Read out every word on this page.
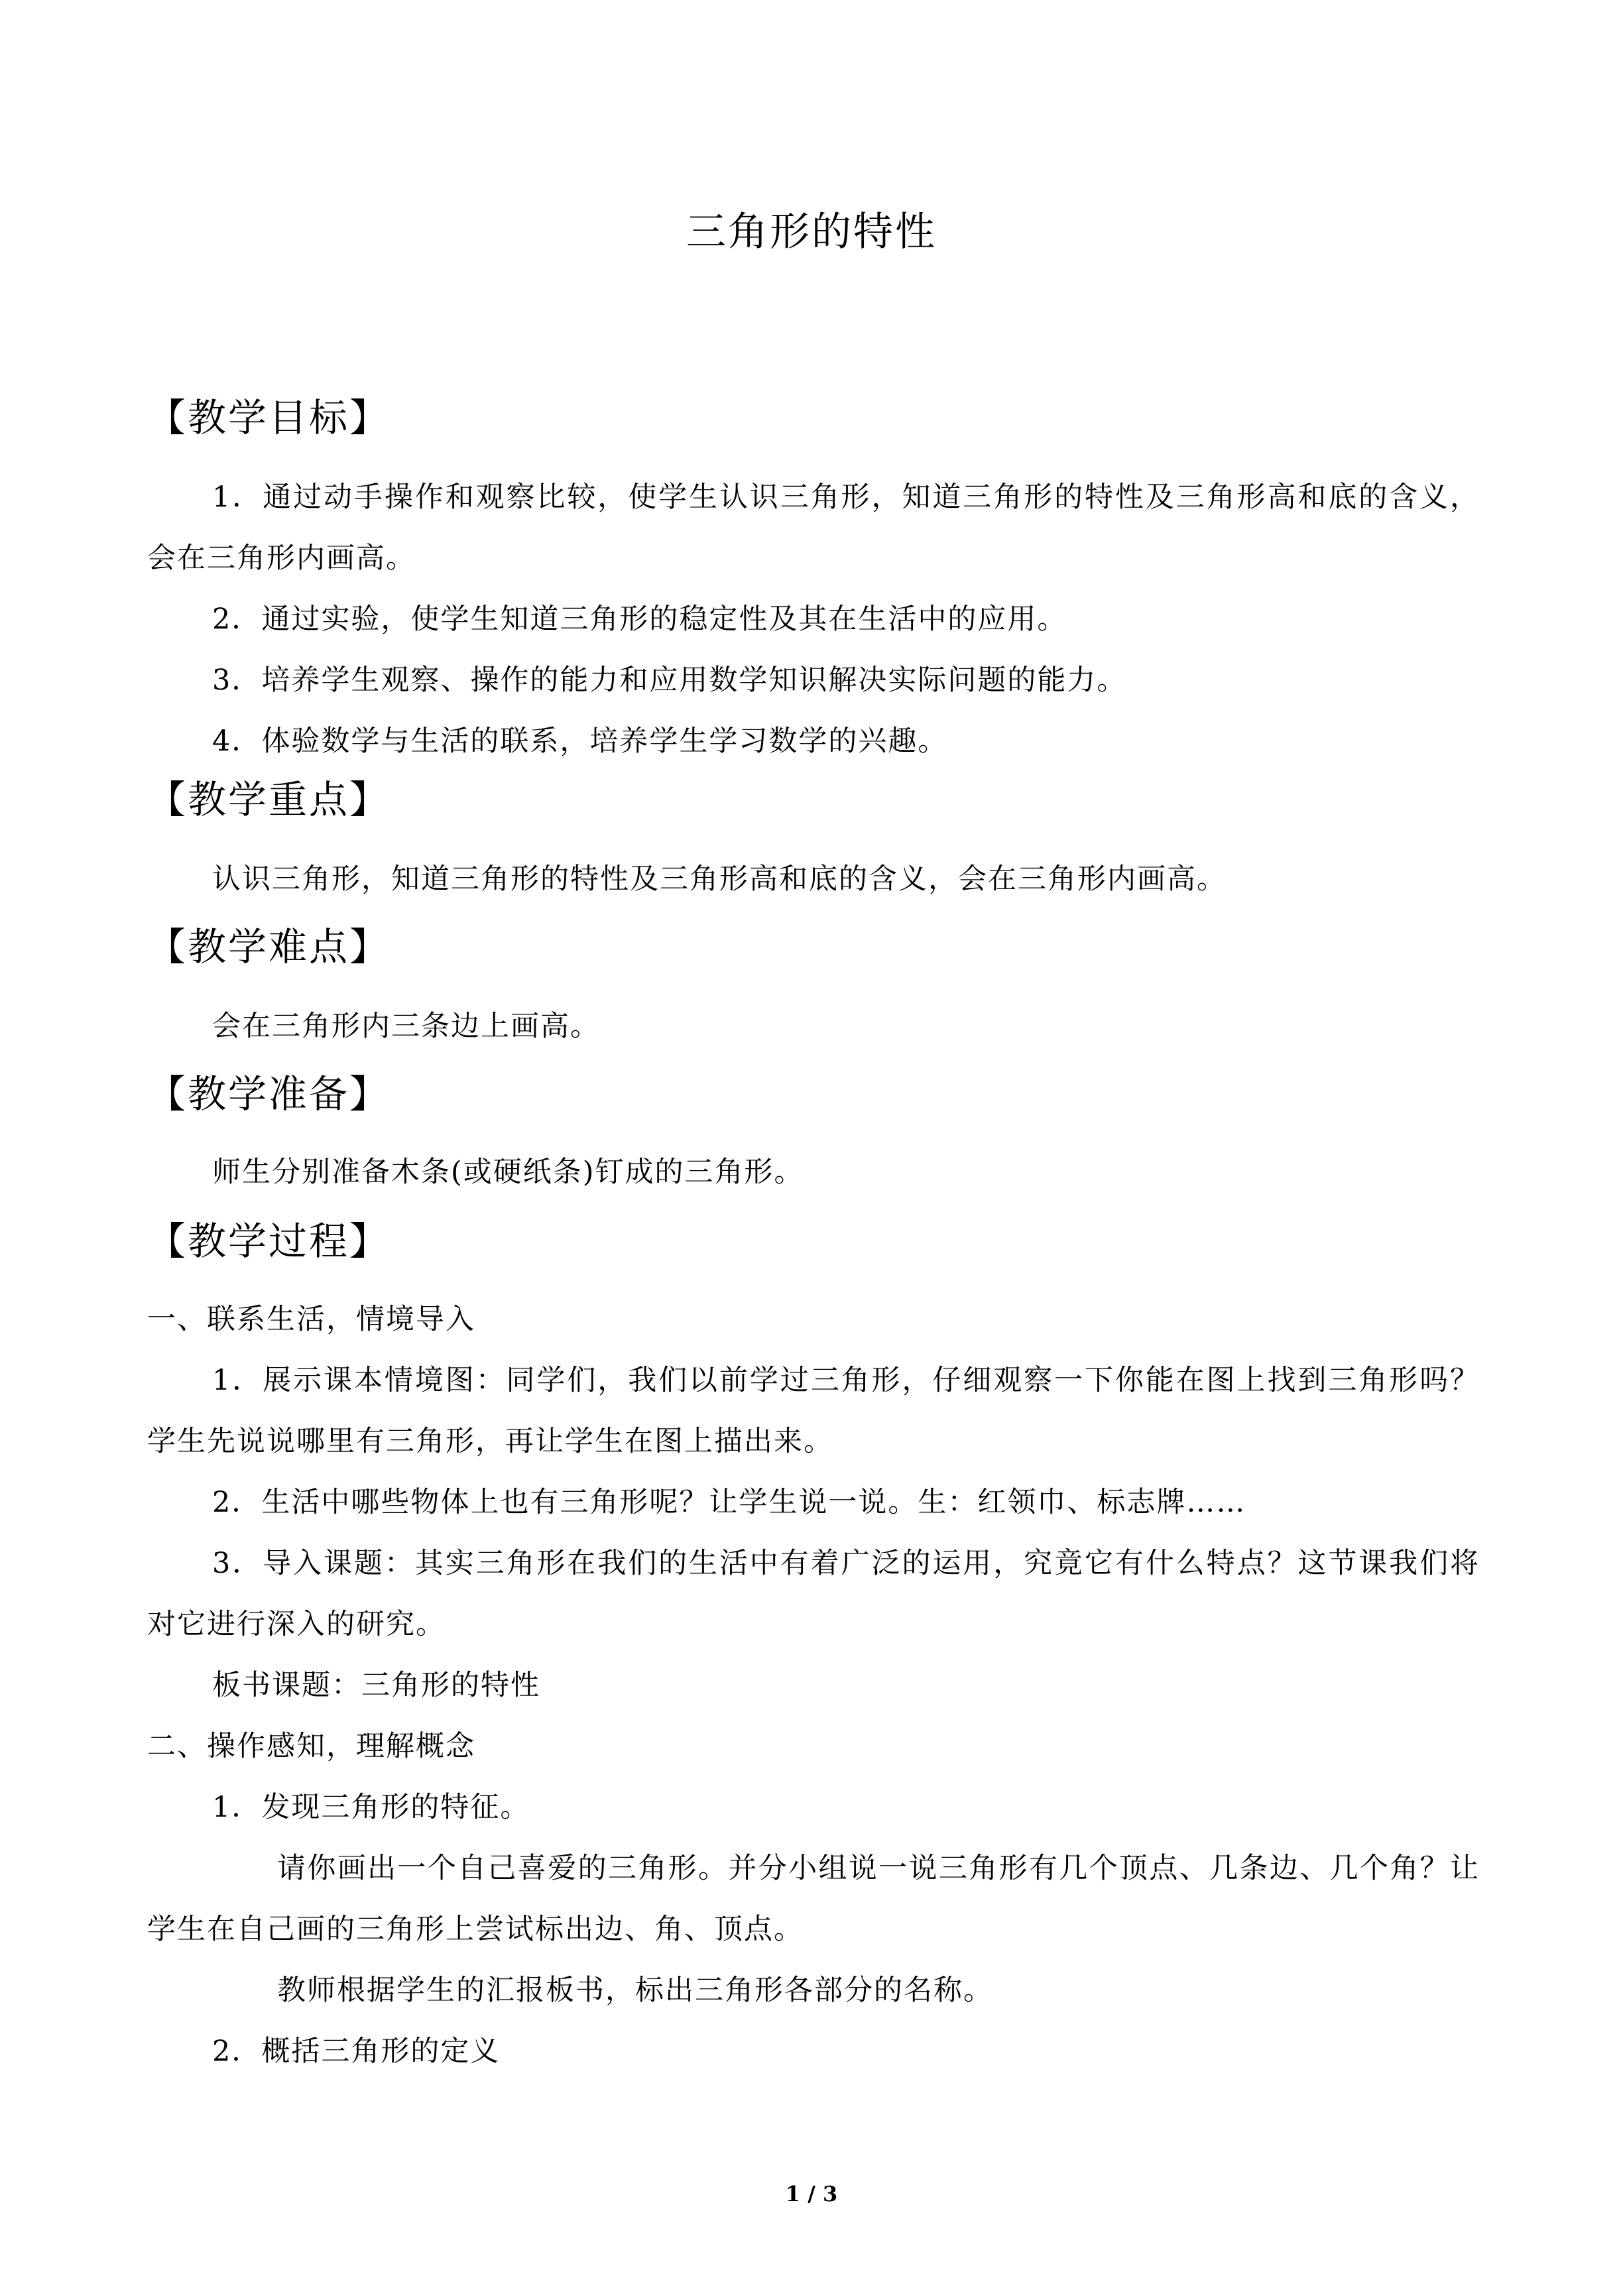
三角形的特性
【教学目标】
1．通过动手操作和观察比较，使学生认识三角形，知道三角形的特性及三角形高和底的含义，会在三角形内画高。
2．通过实验，使学生知道三角形的稳定性及其在生活中的应用。
3．培养学生观察、操作的能力和应用数学知识解决实际问题的能力。
4．体验数学与生活的联系，培养学生学习数学的兴趣。
【教学重点】
认识三角形，知道三角形的特性及三角形高和底的含义，会在三角形内画高。
【教学难点】
会在三角形内三条边上画高。
【教学准备】
师生分别准备木条(或硬纸条)钉成的三角形。
【教学过程】
一、联系生活，情境导入
1．展示课本情境图：同学们，我们以前学过三角形，仔细观察一下你能在图上找到三角形吗？学生先说说哪里有三角形，再让学生在图上描出来。
2．生活中哪些物体上也有三角形呢？让学生说一说。生：红领巾、标志牌……
3．导入课题：其实三角形在我们的生活中有着广泛的运用，究竟它有什么特点？这节课我们将对它进行深入的研究。
板书课题：三角形的特性
二、操作感知，理解概念
1．发现三角形的特征。
请你画出一个自己喜爱的三角形。并分小组说一说三角形有几个顶点、几条边、几个角？让学生在自己画的三角形上尝试标出边、角、顶点。
教师根据学生的汇报板书，标出三角形各部分的名称。
2．概括三角形的定义
1 / 3
